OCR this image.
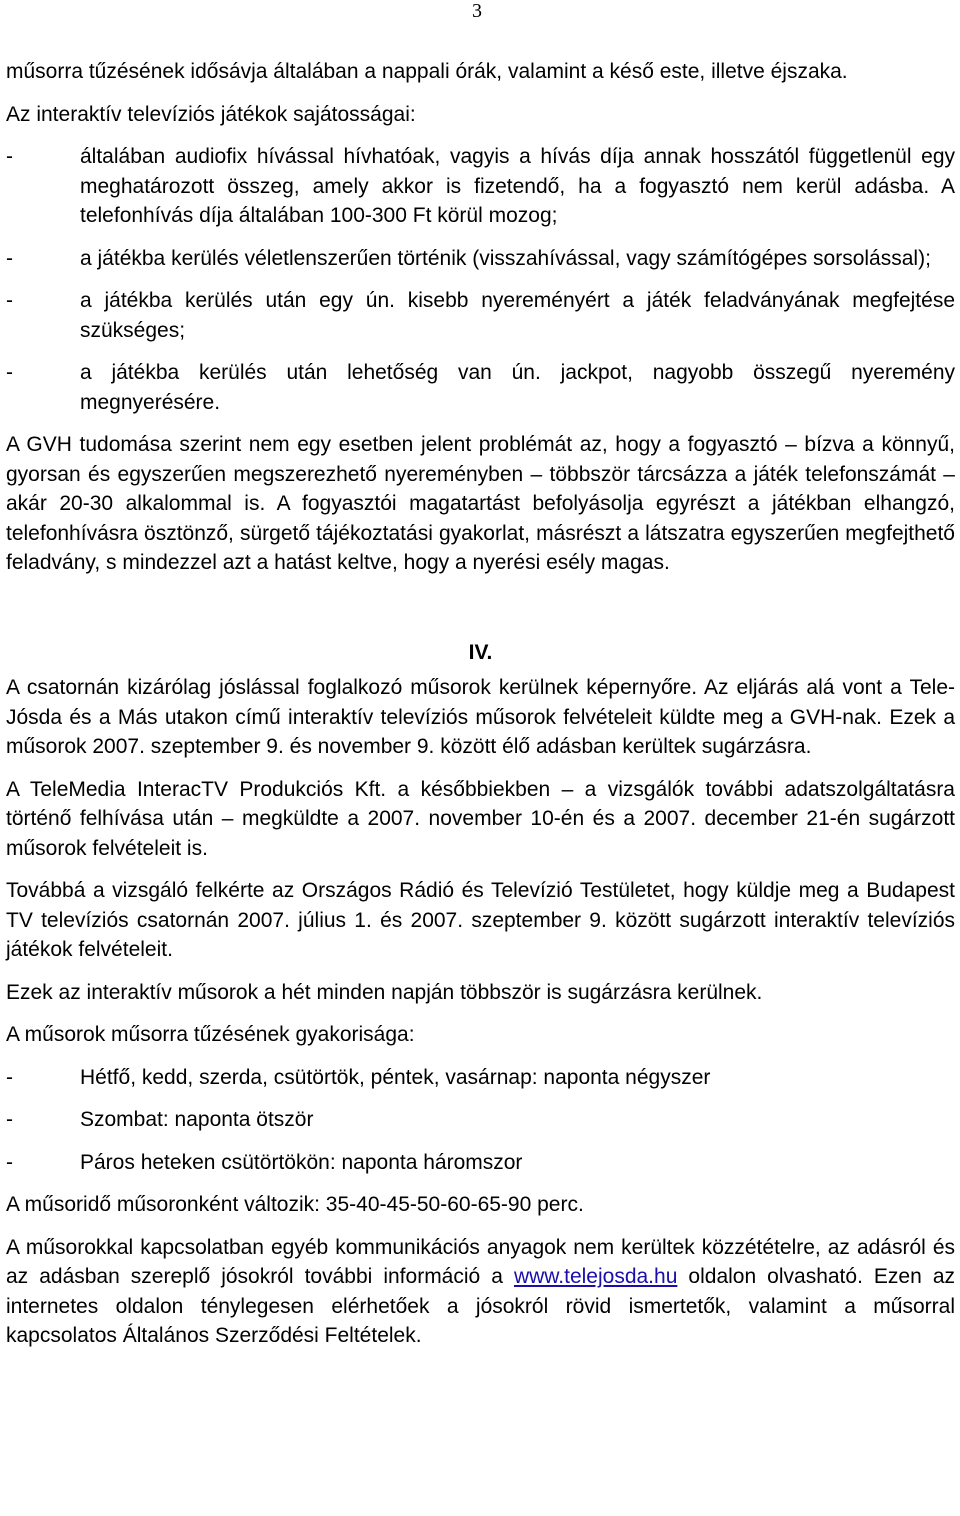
3

műsorra tűzésének idősávja általában a nappali órák, valamint a késő este, illetve éjszaka.

Az interaktív televíziós játékok sajátosságai:

-	általában audiofix hívással hívhatóak, vagyis a hívás díja annak hosszától függetlenül egy meghatározott összeg, amely akkor is fizetendő, ha a fogyasztó nem kerül adásba. A telefonhívás díja általában 100-300 Ft körül mozog;
-	a játékba kerülés véletlenszerűen történik (visszahívással, vagy számítógépes sorsolással);
-	a játékba kerülés után egy ún. kisebb nyereményért a játék feladványának megfejtése szükséges;
-	a játékba kerülés után lehetőség van ún. jackpot, nagyobb összegű nyeremény megnyerésére.

A GVH tudomása szerint nem egy esetben jelent problémát az, hogy a fogyasztó – bízva a könnyű, gyorsan és egyszerűen megszerezhető nyereményben – többször tárcsázza a játék telefonszámát – akár 20-30 alkalommal is. A fogyasztói magatartást befolyásolja egyrészt a játékban elhangzó, telefonhívásra ösztönző, sürgető tájékoztatási gyakorlat, másrészt a látszatra egyszerűen megfejthető feladvány, s mindezzel azt a hatást keltve, hogy a nyerési esély magas.

IV.

A csatornán kizárólag jóslással foglalkozó műsorok kerülnek képernyőre. Az eljárás alá vont a Tele-Jósda és a Más utakon című interaktív televíziós műsorok felvételeit küldte meg a GVH-nak. Ezek a műsorok 2007. szeptember 9. és november 9. között élő adásban kerültek sugárzásra.

A TeleMedia InteracTV Produkciós Kft. a későbbiekben – a vizsgálók további adatszolgáltatásra történő felhívása után – megküldte a 2007. november 10-én és a 2007. december 21-én sugárzott műsorok felvételeit is.

Továbbá a vizsgáló felkérte az Országos Rádió és Televízió Testületet, hogy küldje meg a Budapest TV televíziós csatornán 2007. július 1. és 2007. szeptember 9. között sugárzott interaktív televíziós játékok felvételeit.

Ezek az interaktív műsorok a hét minden napján többször is sugárzásra kerülnek.

A műsorok műsorra tűzésének gyakorisága:

-	Hétfő, kedd, szerda, csütörtök, péntek, vasárnap: naponta négyszer
-	Szombat: naponta ötször
-	Páros heteken csütörtökön: naponta háromszor

A műsoridő műsoronként változik: 35-40-45-50-60-65-90 perc.

A műsorokkal kapcsolatban egyéb kommunikációs anyagok nem kerültek közzétételre, az adásról és az adásban szereplő jósokról további információ a www.telejosda.hu oldalon olvasható. Ezen az internetes oldalon ténylegesen elérhetőek a jósokról rövid ismertetők, valamint a műsorral kapcsolatos Általános Szerződési Feltételek.
